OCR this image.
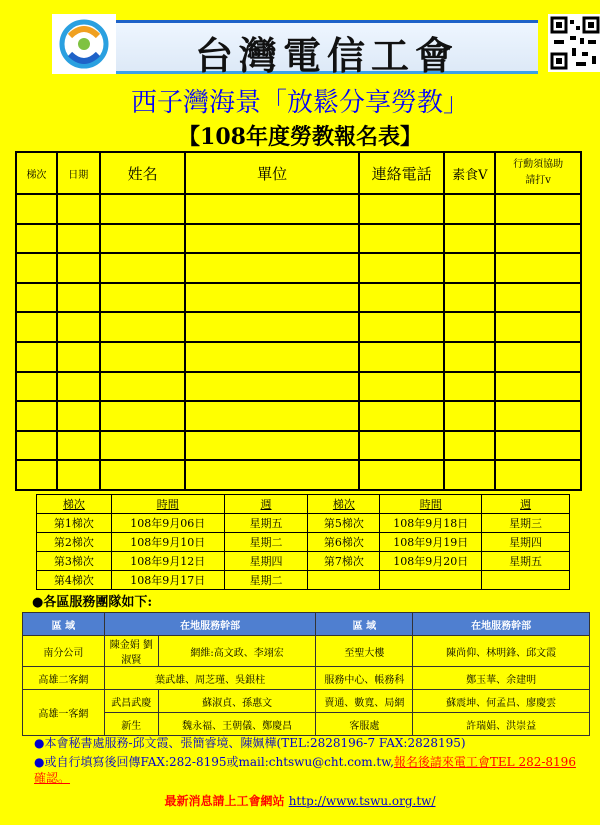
台灣電信工會
西子灣海景「放鬆分享勞教」
【108年度勞教報名表】
梯次	日期	姓名	單位	連絡電話	素食V	行動須協助
請打v

梯次	時間	週	梯次	時間	週
第1梯次	108年9月06日	星期五	第5梯次	108年9月18日	星期三
第2梯次	108年9月10日	星期二	第6梯次	108年9月19日	星期四
第3梯次	108年9月12日	星期四	第7梯次	108年9月20日	星期五
第4梯次	108年9月17日	星期二			
●各區服務團隊如下:
區 域	在地服務幹部		區 域	在地服務幹部
南分公司	陳金娟 劉淑賢	網維:高文政、李翊宏	至聖大樓	陳尚仰、林明鋒、邱文霞
高雄二客網	葉武雄、周芝瑾、吳銀柱		服務中心、帳務科	鄭玉華、余建明
高雄一客網	武昌武慶	蘇淑貞、孫惠文	賣通、數寬、局網	蘇震坤、何孟昌、廖慶雲
	新生	魏永福、王朝儀、鄭慶昌	客服處	許瑞娟、洪崇益
●本會秘書處服務-邱文霞、張簡睿境、陳姵樺(TEL:2828196-7 FAX:2828195)
●或自行填寫後回傳FAX:282-8195或mail:chtswu@cht.com.tw,報名後請來電工會TEL 282-8196確認。
最新消息請上工會網站 http://www.tswu.org.tw/
